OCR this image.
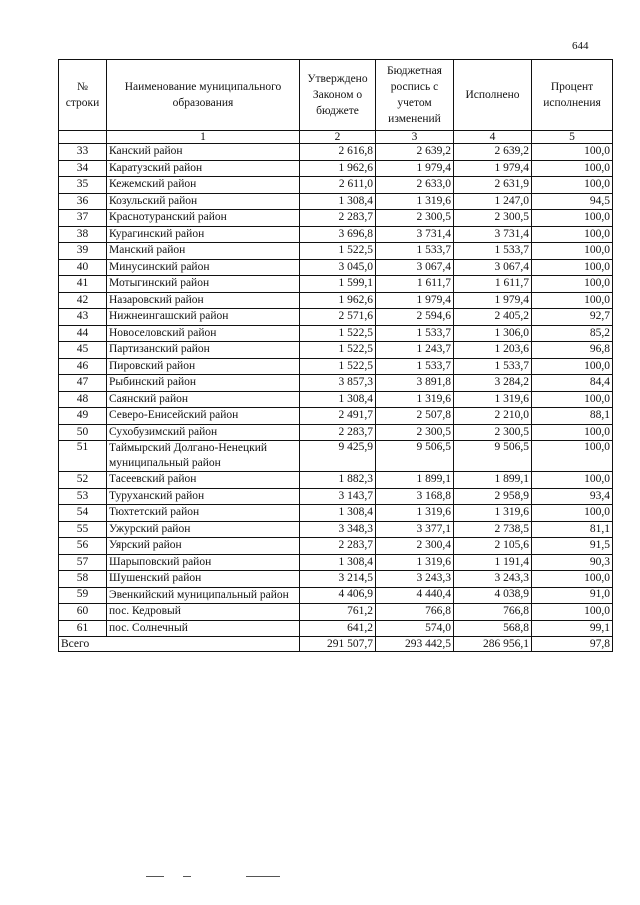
644
№ строки	Наименование муниципального образования	Утверждено Законом о бюджете	Бюджетная роспись с учетом изменений	Исполнено	Процент исполнения
	1	2	3	4	5
33	Канский район	2 616,8	2 639,2	2 639,2	100,0
34	Каратузский район	1 962,6	1 979,4	1 979,4	100,0
35	Кежемский район	2 611,0	2 633,0	2 631,9	100,0
36	Козульский район	1 308,4	1 319,6	1 247,0	94,5
37	Краснотуранский район	2 283,7	2 300,5	2 300,5	100,0
38	Курагинский район	3 696,8	3 731,4	3 731,4	100,0
39	Манский район	1 522,5	1 533,7	1 533,7	100,0
40	Минусинский район	3 045,0	3 067,4	3 067,4	100,0
41	Мотыгинский район	1 599,1	1 611,7	1 611,7	100,0
42	Назаровский район	1 962,6	1 979,4	1 979,4	100,0
43	Нижнеингашский район	2 571,6	2 594,6	2 405,2	92,7
44	Новоселовский район	1 522,5	1 533,7	1 306,0	85,2
45	Партизанский район	1 522,5	1 243,7	1 203,6	96,8
46	Пировский район	1 522,5	1 533,7	1 533,7	100,0
47	Рыбинский район	3 857,3	3 891,8	3 284,2	84,4
48	Саянский район	1 308,4	1 319,6	1 319,6	100,0
49	Северо-Енисейский район	2 491,7	2 507,8	2 210,0	88,1
50	Сухобузимский район	2 283,7	2 300,5	2 300,5	100,0
51	Таймырский Долгано-Ненецкий муниципальный район	9 425,9	9 506,5	9 506,5	100,0
52	Тасеевский район	1 882,3	1 899,1	1 899,1	100,0
53	Туруханский район	3 143,7	3 168,8	2 958,9	93,4
54	Тюхтетский район	1 308,4	1 319,6	1 319,6	100,0
55	Ужурский район	3 348,3	3 377,1	2 738,5	81,1
56	Уярский район	2 283,7	2 300,4	2 105,6	91,5
57	Шарыповский район	1 308,4	1 319,6	1 191,4	90,3
58	Шушенский район	3 214,5	3 243,3	3 243,3	100,0
59	Эвенкийский муниципальный район	4 406,9	4 440,4	4 038,9	91,0
60	пос. Кедровый	761,2	766,8	766,8	100,0
61	пос. Солнечный	641,2	574,0	568,8	99,1
Всего		291 507,7	293 442,5	286 956,1	97,8
